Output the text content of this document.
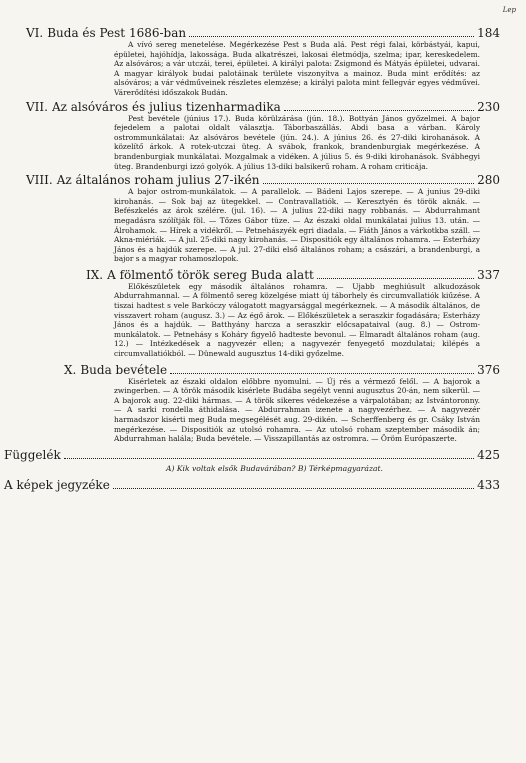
Lep
VI. Buda és Pest 1686-ban	184

A vívó sereg menetelése. Megérkezése Pest s Buda alá. Pest régi falai, körbástyái, kapui, épületei, hajóhídja, lakossága. Buda alkatrészei, lakosai életmódja, szelma; ipar, kereskedelem. Az alsóváros; a vár utczái, terei, épületei. A királyi palota: Zsigmond és Mátyás épületei, udvarai. A magyar királyok budai palotáinak területe viszonyítva a mainoz. Buda mint erődítés: az alsóváros; a vár védműveinek részletes elemzése; a királyi palota mint fellegvár egyes védművei. Várerődítési időszakok Budán.

VII. Az alsóváros és julius tizenharmadika	230

Pest bevétele (június 17.). Buda körülzárása (jún. 18.). Bottyán János győzelmei. A bajor fejedelem a palotai oldalt választja. Táborbaszállás. Abdi basa a várban. Károly ostrommunkálatai: Az alsóváros bevétele (jún. 24.). A június 26. és 27-diki kirohanások. A közelítő árkok. A rotek-utczai üteg. A svábok, frankok, brandenburgiak megérkezése. A brandenburgiak munkálatai. Mozgalmak a vidéken. A július 5. és 9-diki kirohanások. Svábhegyi üteg. Brandenburgi izzó golyók. A július 13-diki balsikerű roham. A roham criticája.

VIII. Az általános roham julius 27-ikén	280

A bajor ostrom-munkálatok. — A parallelok. — Bádeni Lajos szerepe. — A junius 29-diki kirohanás. — Sok baj az ütegekkel. — Contravallatiók. — Keresztyén és török aknák. — Befészkelés az árok szélére. (jul. 16). — A julius 22-diki nagy robbanás. — Abdurrahmant megadásra szólítják föl. — Tőzes Gábor tüze. — Az északi oldal munkálatai julius 13. után. — Álrohamok. — Hírek a vidékről. — Petnehászyék egri diadala. — Fiáth János a várkotkba száll. — Akna-miériák. — A jul. 25-diki nagy kirohanás. — Dispositiók egy általános rohamra. — Esterházy János és a hajdúk szerepe. — A jul. 27-diki első általános roham; a császári, a brandenburgi, a bajor s a magyar rohamoszlopok.

IX. A fölmentő török sereg Buda alatt	337

Előkészületek egy második általános rohamra. — Ujabb meghiúsult alkudozások Abdurrahmannal. — A fölmentő sereg közelgése miatt új táborhely és circumvallatiók kiűzése. A tiszai hadtest s vele Barkóczy válogatott magyarsággal megérkeznek. — A második általános, de visszavert roham (augusz. 3.) — Az égő árok. — Előkészületek a seraszkir fogadására; Esterházy János és a hajdúk. — Batthyány harcza a seraszkir előcsapataival (aug. 8.) — Ostrom-munkálatok. — Petnehásy s Koháry figyelő hadteste bevonul. — Elmaradt általános roham (aug. 12.) — Intézkedések a nagyvezér ellen; a nagyvezér fenyegető mozdulatai; kilépés a circumvallatiókból. — Dünewald augusztus 14-diki győzelme.

X. Buda bevétele	376

Kisérletek az északi oldalon előbbre nyomulni. — Új rés a vérmező felől. — A bajorok a zwingerben. — A török második kisérlete Budába segélyt venni augusztus 20-án, nem sikerül. — A bajorok aug. 22-diki hármas. — A török sikeres védekezése a várpalotában; az Istvántoronny. — A sarki rondella áthidalása. — Abdurrahman izenete a nagyvezérhez. — A nagyvezér harmadszor kisérti meg Buda megsegélését aug. 29-dikén. — Scherffenberg és gr. Csáky István megérkezése. — Dispositiók az utolsó rohamra. — Az utolsó roham szeptember második án; Abdurrahman halála; Buda bevétele. — Visszapillantás az ostromra. — Öröm Európaszerte.

Függelék	425
A) Kik voltak elsők Budavárában? B) Térképmagyarázat.
A képek jegyzéke	433
